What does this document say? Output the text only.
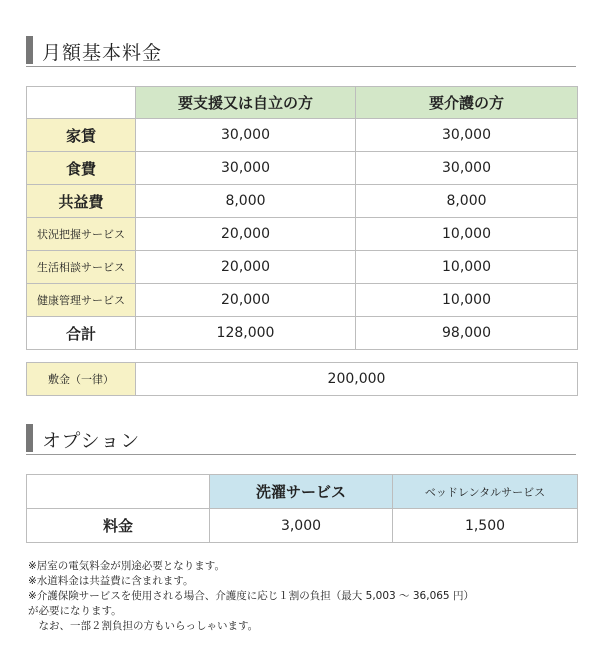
月額基本料金
	要支援又は自立の方	要介護の方
家賃	30,000	30,000
食費	30,000	30,000
共益費	8,000	8,000
状況把握サービス	20,000	10,000
生活相談サービス	20,000	10,000
健康管理サービス	20,000	10,000
合計	128,000	98,000
敷金（一律）	200,000
オプション
	洗濯サービス	ベッドレンタルサービス
料金	3,000	1,500
※居室の電気料金が別途必要となります。
※水道料金は共益費に含まれます。
※介護保険サービスを使用される場合、介護度に応じ１割の負担（最大 5,003 ～ 36,065 円）
が必要になります。
　なお、一部２割負担の方もいらっしゃいます。
